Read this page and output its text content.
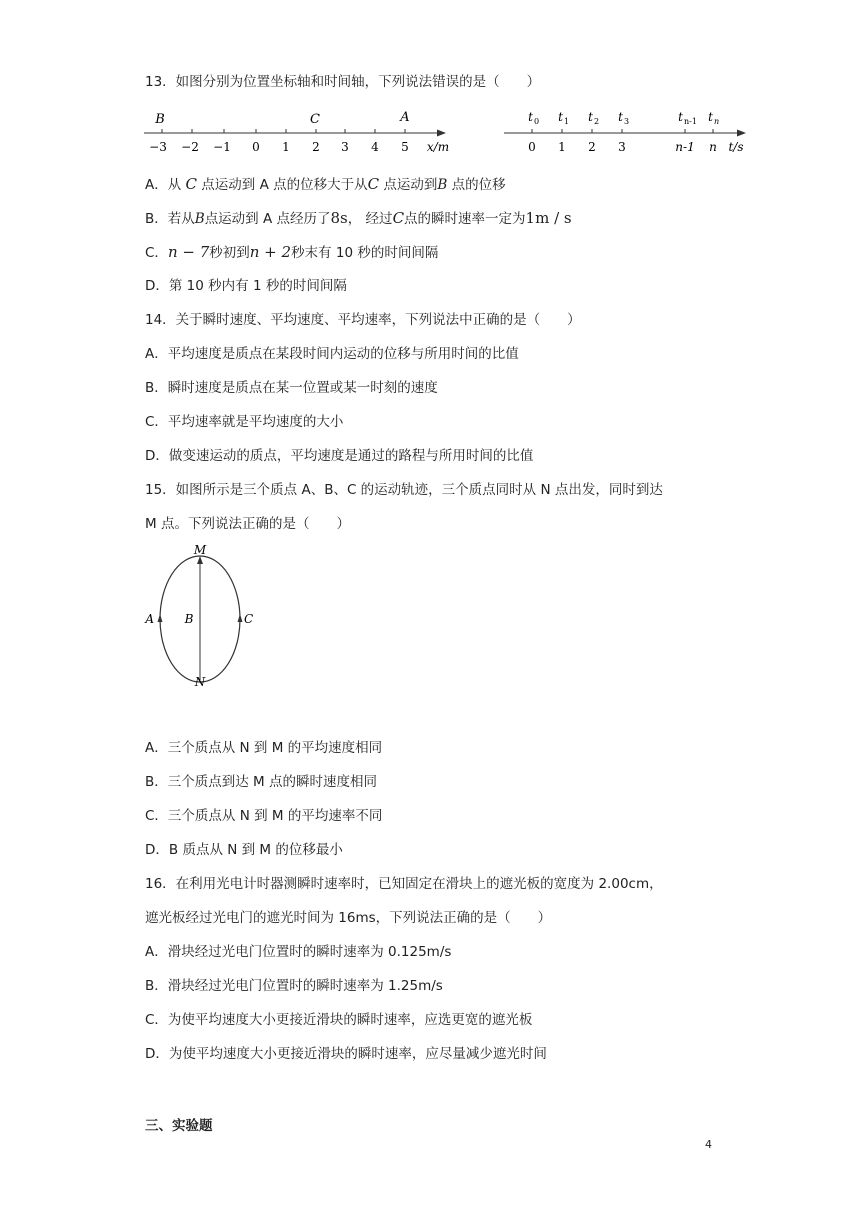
13．如图分别为位置坐标轴和时间轴，下列说法错误的是（　　）
B	C	A
−3 −2 −1 0 1 2 3 4 5 x/m
t 0 t 1 t 2 t 3	t n-1 t n
0 1 2 3	n-1 n t/s
A．从 C 点运动到 A 点的位移大于从C 点运动到B 点的位移
B．若从B点运动到 A 点经历了8s， 经过C点的瞬时速率一定为1m / s
C．n − 7秒初到n + 2秒末有 10 秒的时间间隔
D．第 10 秒内有 1 秒的时间间隔
14．关于瞬时速度、平均速度、平均速率，下列说法中正确的是（　　）
A．平均速度是质点在某段时间内运动的位移与所用时间的比值
B．瞬时速度是质点在某一位置或某一时刻的速度
C．平均速率就是平均速度的大小
D．做变速运动的质点，平均速度是通过的路程与所用时间的比值
15．如图所示是三个质点 A、B、C 的运动轨迹，三个质点同时从 N 点出发，同时到达
M 点。下列说法正确的是（　　）
M
N
A	B	C
A．三个质点从 N 到 M 的平均速度相同
B．三个质点到达 M 点的瞬时速度相同
C．三个质点从 N 到 M 的平均速率不同
D．B 质点从 N 到 M 的位移最小
16．在利用光电计时器测瞬时速率时，已知固定在滑块上的遮光板的宽度为 2.00cm，
遮光板经过光电门的遮光时间为 16ms，下列说法正确的是（　　）
A．滑块经过光电门位置时的瞬时速率为 0.125m/s
B．滑块经过光电门位置时的瞬时速率为 1.25m/s
C．为使平均速度大小更接近滑块的瞬时速率，应选更宽的遮光板
D．为使平均速度大小更接近滑块的瞬时速率，应尽量减少遮光时间
三、实验题
4
